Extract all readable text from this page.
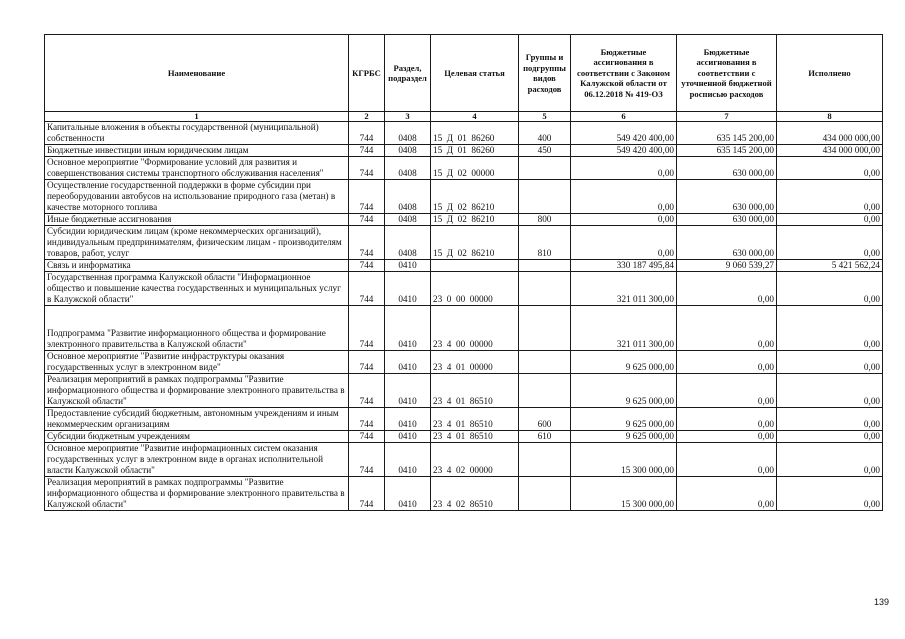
Наименование	КГРБС	Раздел, подраздел	Целевая статья	Группы и подгруппы видов расходов	Бюджетные ассигнования в соответствии с Законом Калужской области от 06.12.2018 № 419-ОЗ	Бюджетные ассигнования в соответствии с уточненной бюджетной росписью расходов	Исполнено
1	2	3	4	5	6	7	8
Капитальные вложения в объекты государственной (муниципальной) собственности	744	0408	15  Д  01  86260	400	549 420 400,00	635 145 200,00	434 000 000,00
Бюджетные инвестиции иным юридическим лицам	744	0408	15  Д  01  86260	450	549 420 400,00	635 145 200,00	434 000 000,00
Основное мероприятие "Формирование условий для развития и совершенствования системы транспортного обслуживания населения"	744	0408	15  Д  02  00000		0,00	630 000,00	0,00
Осуществление государственной поддержки в форме субсидии при переоборудовании автобусов на использование природного газа (метан) в качестве моторного топлива	744	0408	15  Д  02  86210		0,00	630 000,00	0,00
Иные бюджетные ассигнования	744	0408	15  Д  02  86210	800	0,00	630 000,00	0,00
Субсидии юридическим лицам (кроме некоммерческих организаций), индивидуальным предпринимателям, физическим лицам - производителям товаров, работ, услуг	744	0408	15  Д  02  86210	810	0,00	630 000,00	0,00
Связь и информатика	744	0410			330 187 495,84	9 060 539,27	5 421 562,24
Государственная программа Калужской области "Информационное общество и повышение качества государственных и муниципальных услуг в Калужской области"	744	0410	23  0  00  00000		321 011 300,00	0,00	0,00
Подпрограмма "Развитие информационного общества и формирование электронного правительства в Калужской области"	744	0410	23  4  00  00000		321 011 300,00	0,00	0,00
Основное мероприятие "Развитие инфраструктуры оказания государственных услуг в электронном виде"	744	0410	23  4  01  00000		9 625 000,00	0,00	0,00
Реализация мероприятий в рамках подпрограммы "Развитие информационного общества и формирование электронного правительства в Калужской области"	744	0410	23  4  01  86510		9 625 000,00	0,00	0,00
Предоставление субсидий бюджетным, автономным учреждениям и иным некоммерческим организациям	744	0410	23  4  01  86510	600	9 625 000,00	0,00	0,00
Субсидии бюджетным учреждениям	744	0410	23  4  01  86510	610	9 625 000,00	0,00	0,00
Основное мероприятие "Развитие информационных систем оказания государственных услуг в электронном виде в органах исполнительной власти Калужской области"	744	0410	23  4  02  00000		15 300 000,00	0,00	0,00
Реализация мероприятий в рамках подпрограммы "Развитие информационного общества и формирование электронного правительства в Калужской области"	744	0410	23  4  02  86510		15 300 000,00	0,00	0,00
139
